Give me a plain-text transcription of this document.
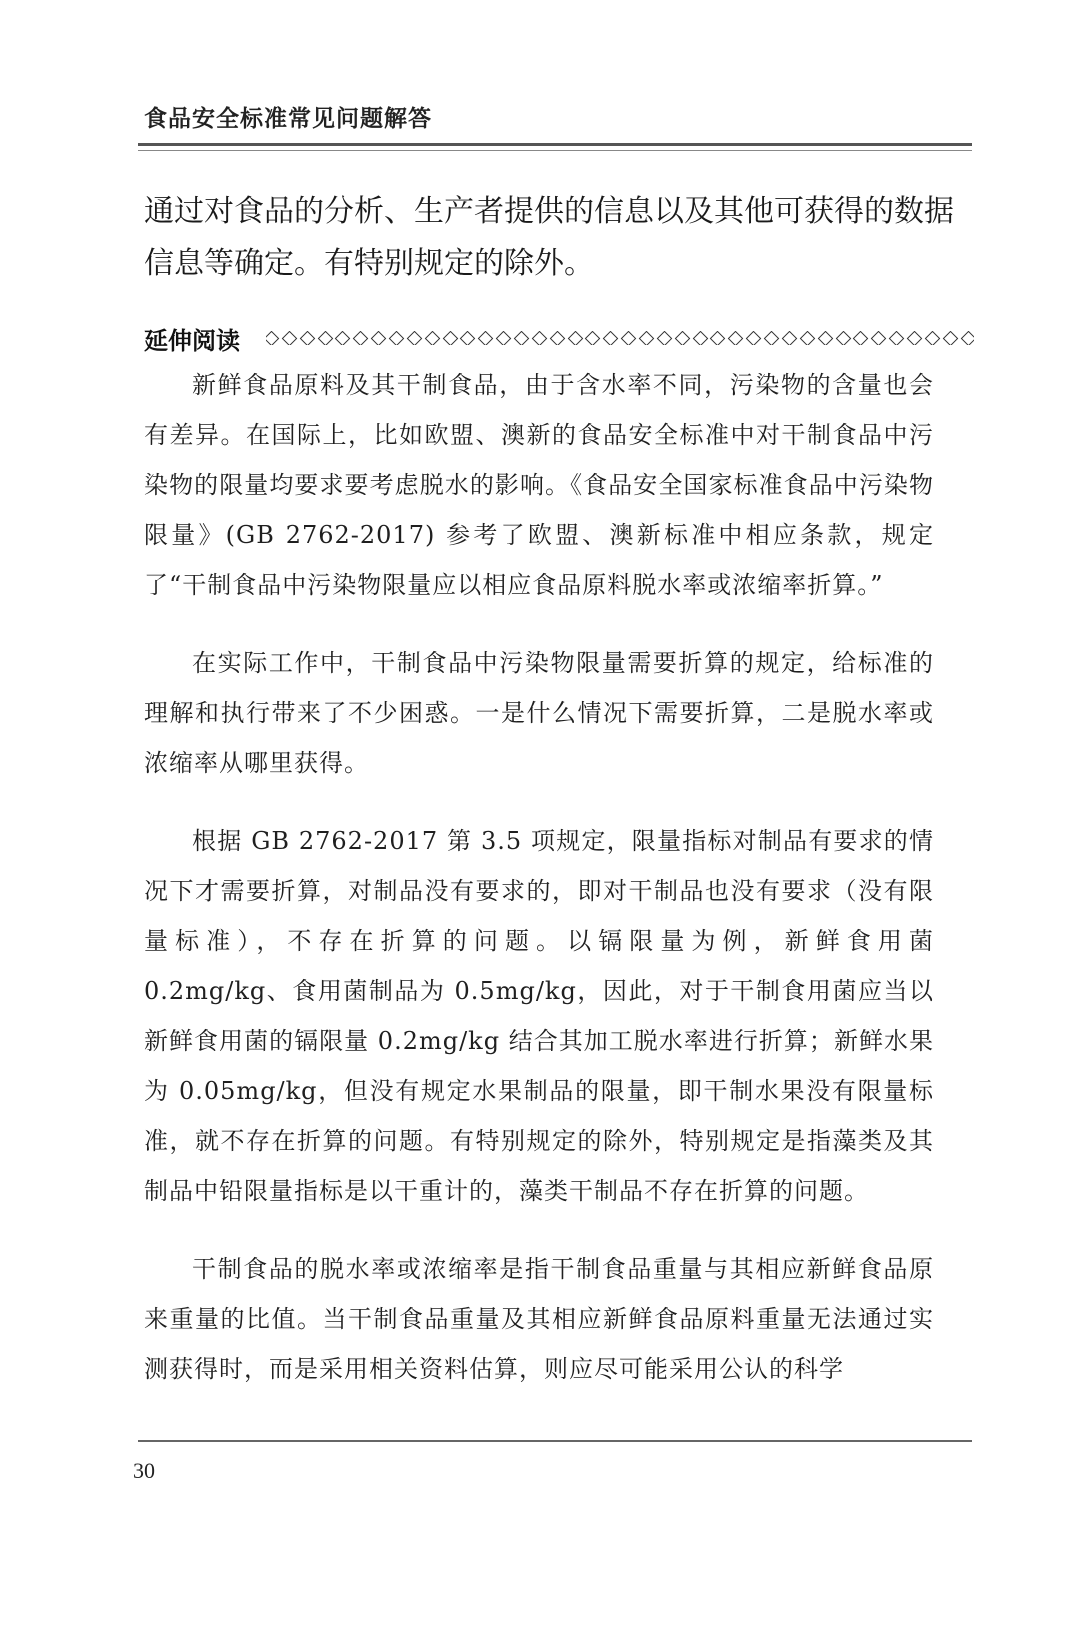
食品安全标准常见问题解答

通过对食品的分析、生产者提供的信息以及其他可获得的数据信息等确定。有特别规定的除外。

延伸阅读

新鲜食品原料及其干制食品，由于含水率不同，污染物的含量也会有差异。在国际上，比如欧盟、澳新的食品安全标准中对干制食品中污染物的限量均要求要考虑脱水的影响。《食品安全国家标准食品中污染物限量》(GB 2762-2017) 参考了欧盟、澳新标准中相应条款，规定了“干制食品中污染物限量应以相应食品原料脱水率或浓缩率折算。”

在实际工作中，干制食品中污染物限量需要折算的规定，给标准的理解和执行带来了不少困惑。一是什么情况下需要折算，二是脱水率或浓缩率从哪里获得。

根据 GB 2762-2017 第 3.5 项规定，限量指标对制品有要求的情况下才需要折算，对制品没有要求的，即对干制品也没有要求（没有限量标准），不存在折算的问题。以镉限量为例，新鲜食用菌 0.2mg/kg、食用菌制品为 0.5mg/kg，因此，对于干制食用菌应当以新鲜食用菌的镉限量 0.2mg/kg 结合其加工脱水率进行折算；新鲜水果为 0.05mg/kg，但没有规定水果制品的限量，即干制水果没有限量标准，就不存在折算的问题。有特别规定的除外，特别规定是指藻类及其制品中铅限量指标是以干重计的，藻类干制品不存在折算的问题。

干制食品的脱水率或浓缩率是指干制食品重量与其相应新鲜食品原来重量的比值。当干制食品重量及其相应新鲜食品原料重量无法通过实测获得时，而是采用相关资料估算，则应尽可能采用公认的科学

30
